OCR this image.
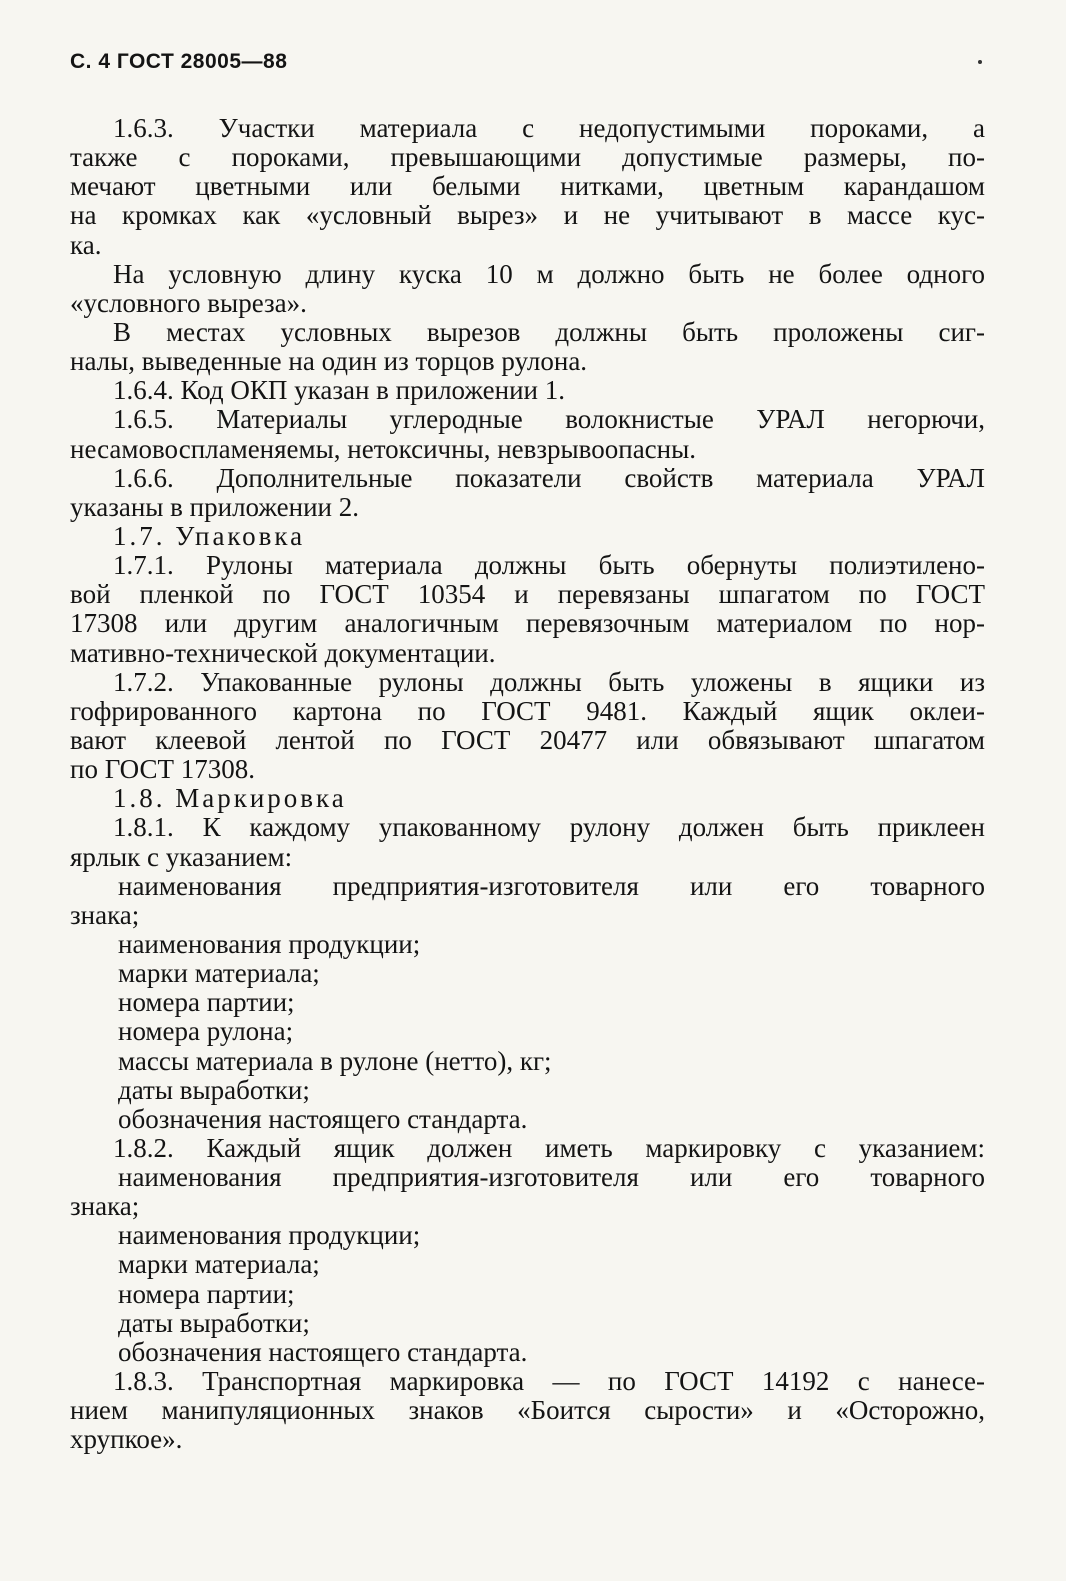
С. 4 ГОСТ 28005—88
1.6.3. Участки материала с недопустимыми пороками, а
также с пороками, превышающими допустимые размеры, по-
мечают цветными или белыми нитками, цветным карандашом
на кромках как «условный вырез» и не учитывают в массе кус-
ка.
На условную длину куска 10 м должно быть не более одного
«условного выреза».
В местах условных вырезов должны быть проложены сиг-
налы, выведенные на один из торцов рулона.
1.6.4. Код ОКП указан в приложении 1.
1.6.5. Материалы углеродные волокнистые УРАЛ негорючи,
несамовоспламеняемы, нетоксичны, невзрывоопасны.
1.6.6. Дополнительные показатели свойств материала УРАЛ
указаны в приложении 2.
1.7. Упаковка
1.7.1. Рулоны материала должны быть обернуты полиэтилено-
вой пленкой по ГОСТ 10354 и перевязаны шпагатом по ГОСТ
17308 или другим аналогичным перевязочным материалом по нор-
мативно-технической документации.
1.7.2. Упакованные рулоны должны быть уложены в ящики из
гофрированного картона по ГОСТ 9481. Каждый ящик оклеи-
вают клеевой лентой по ГОСТ 20477 или обвязывают шпагатом
по ГОСТ 17308.
1.8. Маркировка
1.8.1. К каждому упакованному рулону должен быть приклеен
ярлык с указанием:
наименования предприятия-изготовителя или его товарного
знака;
наименования продукции;
марки материала;
номера партии;
номера рулона;
массы материала в рулоне (нетто), кг;
даты выработки;
обозначения настоящего стандарта.
1.8.2. Каждый ящик должен иметь маркировку с указанием:
наименования предприятия-изготовителя или его товарного
знака;
наименования продукции;
марки материала;
номера партии;
даты выработки;
обозначения настоящего стандарта.
1.8.3. Транспортная маркировка — по ГОСТ 14192 с нанесе-
нием манипуляционных знаков «Боится сырости» и «Осторожно,
хрупкое».
